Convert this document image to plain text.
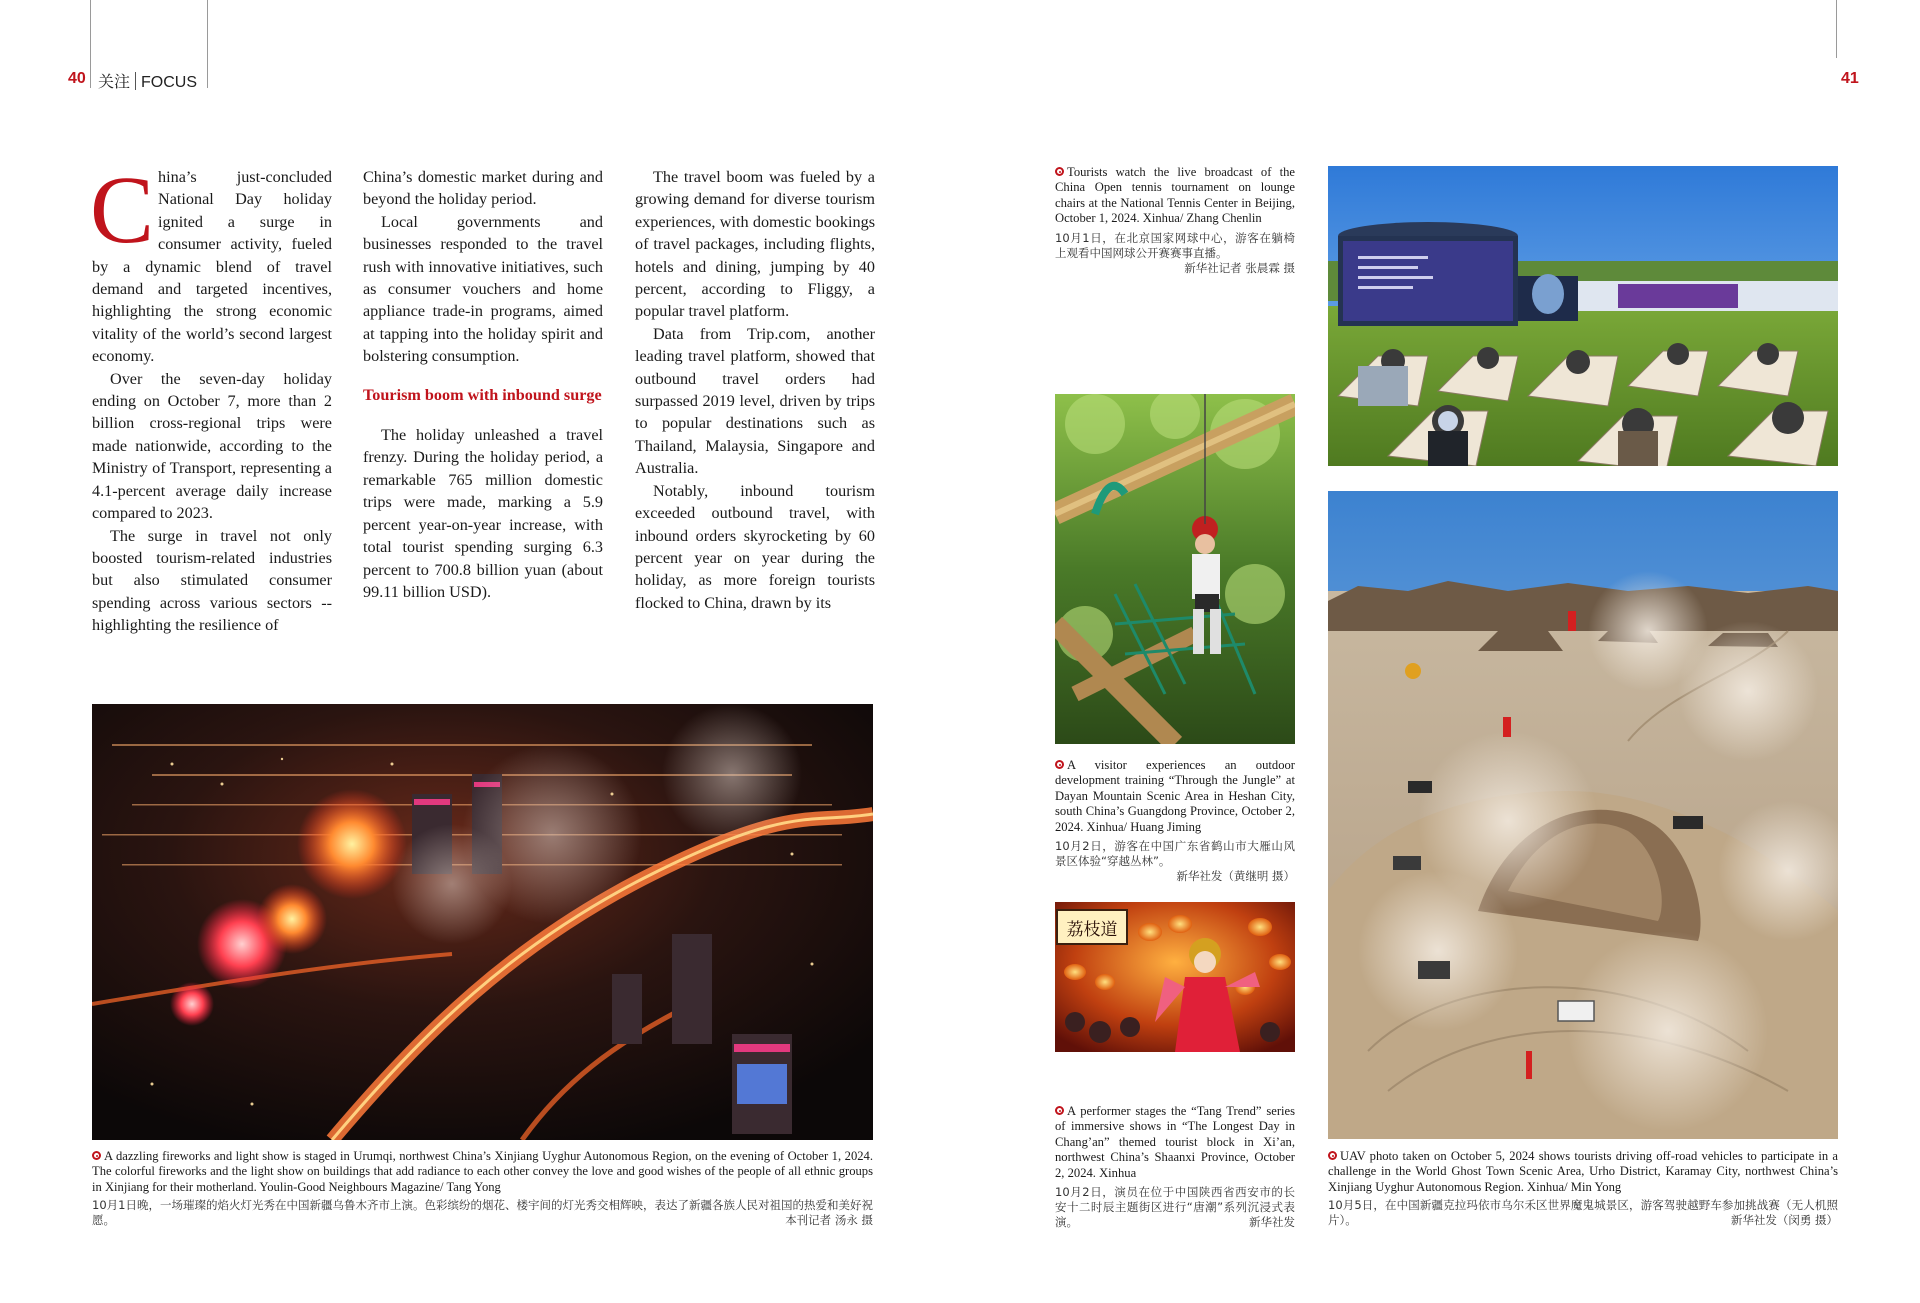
40 关注 FOCUS	41

China’s just-concluded National Day holiday ignited a surge in consumer activity, fueled by a dynamic blend of travel demand and targeted incentives, highlighting the strong economic vitality of the world’s second largest economy.

Over the seven-day holiday ending on October 7, more than 2 billion cross-regional trips were made nationwide, according to the Ministry of Transport, representing a 4.1-percent average daily increase compared to 2023.

The surge in travel not only boosted tourism-related industries but also stimulated consumer spending across various sectors -- highlighting the resilience of

China’s domestic market during and beyond the holiday period.

Local governments and businesses responded to the travel rush with innovative initiatives, such as consumer vouchers and home appliance trade-in programs, aimed at tapping into the holiday spirit and bolstering consumption.

Tourism boom with inbound surge

The holiday unleashed a travel frenzy. During the holiday period, a remarkable 765 million domestic trips were made, marking a 5.9 percent year-on-year increase, with total tourist spending surging 6.3 percent to 700.8 billion yuan (about 99.11 billion USD).

The travel boom was fueled by a growing demand for diverse tourism experiences, with domestic bookings of travel packages, including flights, hotels and dining, jumping by 40 percent, according to Fliggy, a popular travel platform.

Data from Trip.com, another leading travel platform, showed that outbound travel orders had surpassed 2019 level, driven by trips to popular destinations such as Thailand, Malaysia, Singapore and Australia.

Notably, inbound tourism exceeded outbound travel, with inbound orders skyrocketing by 60 percent year on year during the holiday, as more foreign tourists flocked to China, drawn by its

A dazzling fireworks and light show is staged in Urumqi, northwest China’s Xinjiang Uyghur Autonomous Region, on the evening of October 1, 2024. The colorful fireworks and the light show on buildings that add radiance to each other convey the love and good wishes of the people of all ethnic groups in Xinjiang for their motherland. Youlin-Good Neighbours Magazine/ Tang Yong

10月1日晚，一场璀璨的焰火灯光秀在中国新疆乌鲁木齐市上演。色彩缤纷的烟花、楼宇间的灯光秀交相辉映，表达了新疆各族人民对祖国的热爱和美好祝愿。	本刊记者 汤永 摄

Tourists watch the live broadcast of the China Open tennis tournament on lounge chairs at the National Tennis Center in Beijing, October 1, 2024. Xinhua/ Zhang Chenlin

10月1日，在北京国家网球中心，游客在躺椅上观看中国网球公开赛赛事直播。

新华社记者 张晨霖 摄

A visitor experiences an outdoor development training “Through the Jungle” at Dayan Mountain Scenic Area in Heshan City, south China’s Guangdong Province, October 2, 2024. Xinhua/ Huang Jiming

10月2日，游客在中国广东省鹤山市大雁山风景区体验“穿越丛林”。

新华社发（黄继明 摄）

荔枝道

A performer stages the “Tang Trend” series of immersive shows in “The Longest Day in Chang’an” themed tourist block in Xi’an, northwest China’s Shaanxi Province, October 2, 2024. Xinhua

10月2日，演员在位于中国陕西省西安市的长安十二时辰主题街区进行“唐潮”系列沉浸式表演。	新华社发

UAV photo taken on October 5, 2024 shows tourists driving off-road vehicles to participate in a challenge in the World Ghost Town Scenic Area, Urho District, Karamay City, northwest China’s Xinjiang Uyghur Autonomous Region. Xinhua/ Min Yong

10月5日，在中国新疆克拉玛依市乌尔禾区世界魔鬼城景区，游客驾驶越野车参加挑战赛（无人机照片）。	新华社发（闵勇 摄）
